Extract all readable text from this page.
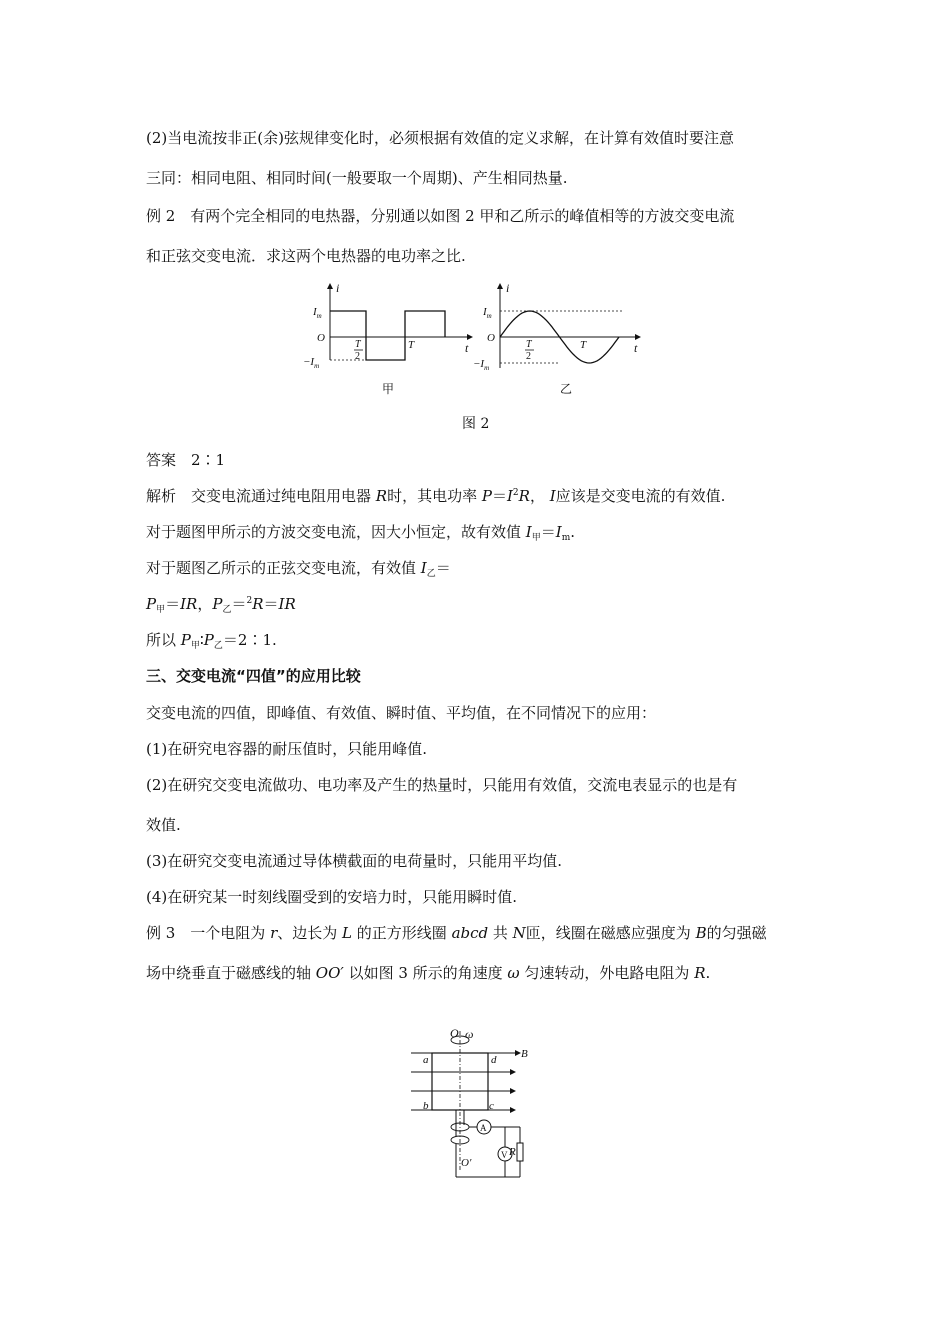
(2)当电流按非正(余)弦规律变化时，必须根据有效值的定义求解，在计算有效值时要注意
三同：相同电阻、相同时间(一般要取一个周期)、产生相同热量.
例 2　有两个完全相同的电热器，分别通以如图 2 甲和乙所示的峰值相等的方波交变电流
和正弦交变电流．求这两个电热器的电功率之比.
i
t
$I_m$
$-I_m$
O
T
2
T
甲
i
t
$I_m$
$-I_m$
O
T
2
T
乙
图 2
答案　2∶1
解析　交变电流通过纯电阻用电器 R时，其电功率 $P=I^2R$， I应该是交变电流的有效值.
对于题图甲所示的方波交变电流，因大小恒定，故有效值 $I_甲=I_m$.
对于题图乙所示的正弦交变电流，有效值 $I_乙=$
$P_甲=IR$，$P_乙=^2R=IR$
所以 $P_甲∶P_乙=2∶1$.
三、交变电流“四值”的应用比较
交变电流的四值，即峰值、有效值、瞬时值、平均值，在不同情况下的应用：
(1)在研究电容器的耐压值时，只能用峰值.
(2)在研究交变电流做功、电功率及产生的热量时，只能用有效值，交流电表显示的也是有
效值.
(3)在研究交变电流通过导体横截面的电荷量时，只能用平均值.
(4)在研究某一时刻线圈受到的安培力时，只能用瞬时值.
例 3　一个电阻为 r、边长为 L 的正方形线圈 abcd 共 N匝，线圈在磁感应强度为 B的匀强磁
场中绕垂直于磁感线的轴 OO′ 以如图 3 所示的角速度 ω 匀速转动，外电路电阻为 R.
O ω
a	d
b	c
B
A
V R
O′
